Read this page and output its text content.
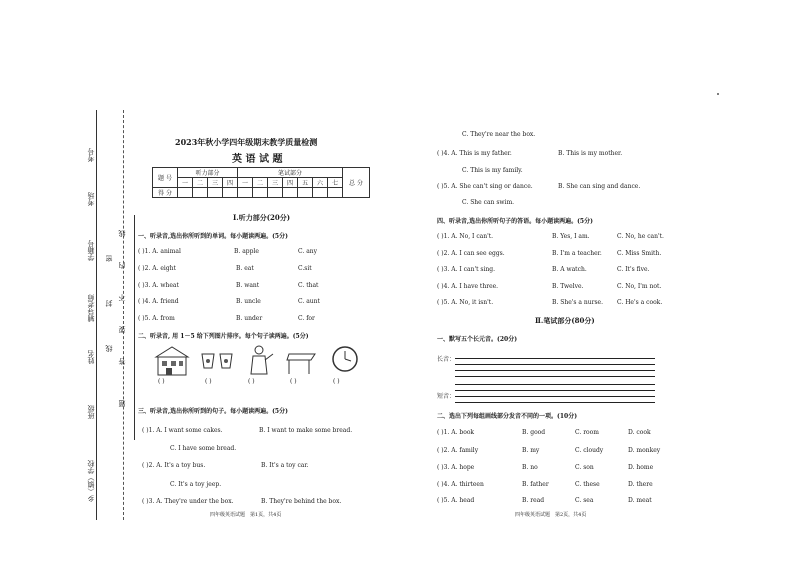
考号
考场
学籍号
辅导老师
姓名
班级
乡（镇）学校
密
封
线
线
内
不
要
答
题
2023年秋小学四年级期末教学质量检测
英 语 试 题
题 号	听力部分				笔试部分							总 分
	一	二	三	四	一	二	三	四	五	六	七	
得 分												
Ⅰ.听力部分(20分)
一、听录音,选出你所听到的单词。每小题读两遍。(5分)
( )1. A. animal	B. apple	C. any
( )2. A. eight	B. eat	C.sit
( )3. A. wheat	B. want	C. that
( )4. A. friend	B. uncle	C. aunt
( )5. A. from	B. under	C. for
二、听录音, 用 1－5 给下列图片排序。每个句子读两遍。(5分)
( )	( )	( )	( )	( )
三、听录音,选出你所听到的句子。每小题读两遍。(5分)
( )1. A. I want some cakes.	B. I want to make some bread.
C. I have some bread.
( )2. A. It's a toy bus.	B. It's a toy car.
C. It's a toy jeep.
( )3. A. They're under the box.	B. They're behind the box.
四年级英语试题　第1页，共4页
C. They're near the box.
( )4. A. This is my father.	B. This is my mother.
C. This is my family.
( )5. A. She can't sing or dance.	B. She can sing and dance.
C. She can swim.
四、听录音,选出你所听句子的答语。每小题读两遍。(5分)
( )1. A. No, I can't.	B. Yes, I am.	C. No, he can't.
( )2. A. I can see eggs.	B. I'm a teacher.	C. Miss Smith.
( )3. A. I can't sing.	B. A watch.	C. It's five.
( )4. A. I have three.	B. Twelve.	C. No, I'm not.
( )5. A. No, it isn't.	B. She's a nurse. C. He's a cook.
Ⅱ.笔试部分(80分)
一、默写五个长元音。(20分)
长音：
短音：
二、选出下列每组画线部分发音不同的一项。(10分)
( )1. A. book	B. good	C. room	D. cook
( )2. A. family	B. my	C. cloudy	D. monkey
( )3. A. hope	B. no	C. son	D. home
( )4. A. thirteen	B. father	C. these	D. there
( )5. A. head	B. read	C. sea	D. meat
四年级英语试题　第2页，共4页
